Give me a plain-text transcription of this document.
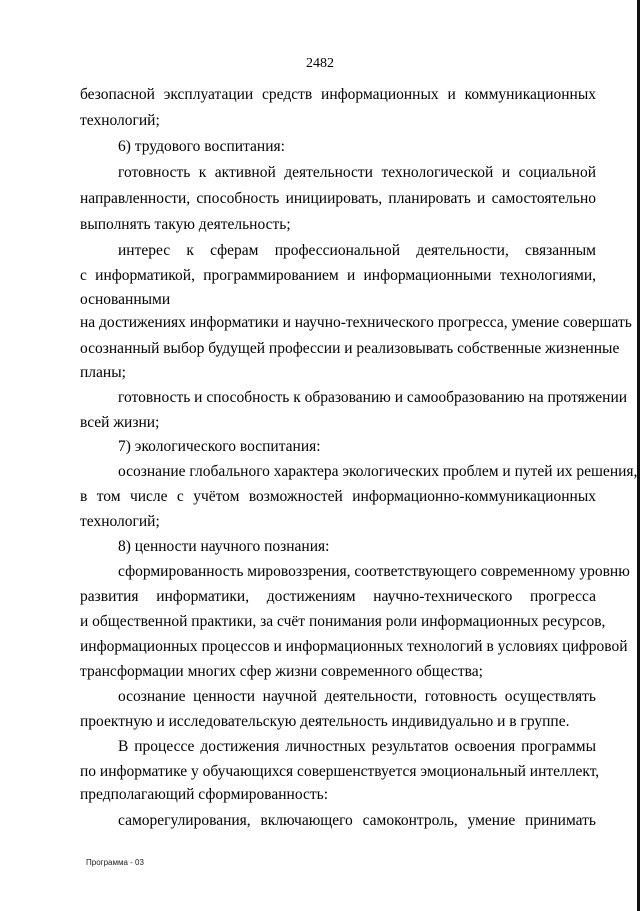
2482
безопасной эксплуатации средств информационных и коммуникационных
технологий;
6) трудового воспитания:
готовность к активной деятельности технологической и социальной
направленности, способность инициировать, планировать и самостоятельно
выполнять такую деятельность;
интерес к сферам профессиональной деятельности, связанным
с информатикой, программированием и информационными технологиями,
основанными
на достижениях информатики и научно-технического прогресса, умение совершать
осознанный выбор будущей профессии и реализовывать собственные жизненные
планы;
готовность и способность к образованию и самообразованию на протяжении
всей жизни;
7) экологического воспитания:
осознание глобального характера экологических проблем и путей их решения,
в том числе с учётом возможностей информационно-коммуникационных
технологий;
8) ценности научного познания:
сформированность мировоззрения, соответствующего современному уровню
развития информатики, достижениям научно-технического прогресса
и общественной практики, за счёт понимания роли информационных ресурсов,
информационных процессов и информационных технологий в условиях цифровой
трансформации многих сфер жизни современного общества;
осознание ценности научной деятельности, готовность осуществлять
проектную и исследовательскую деятельность индивидуально и в группе.
В процессе достижения личностных результатов освоения программы
по информатике у обучающихся совершенствуется эмоциональный интеллект,
предполагающий сформированность:
саморегулирования, включающего самоконтроль, умение принимать
Программа - 03
